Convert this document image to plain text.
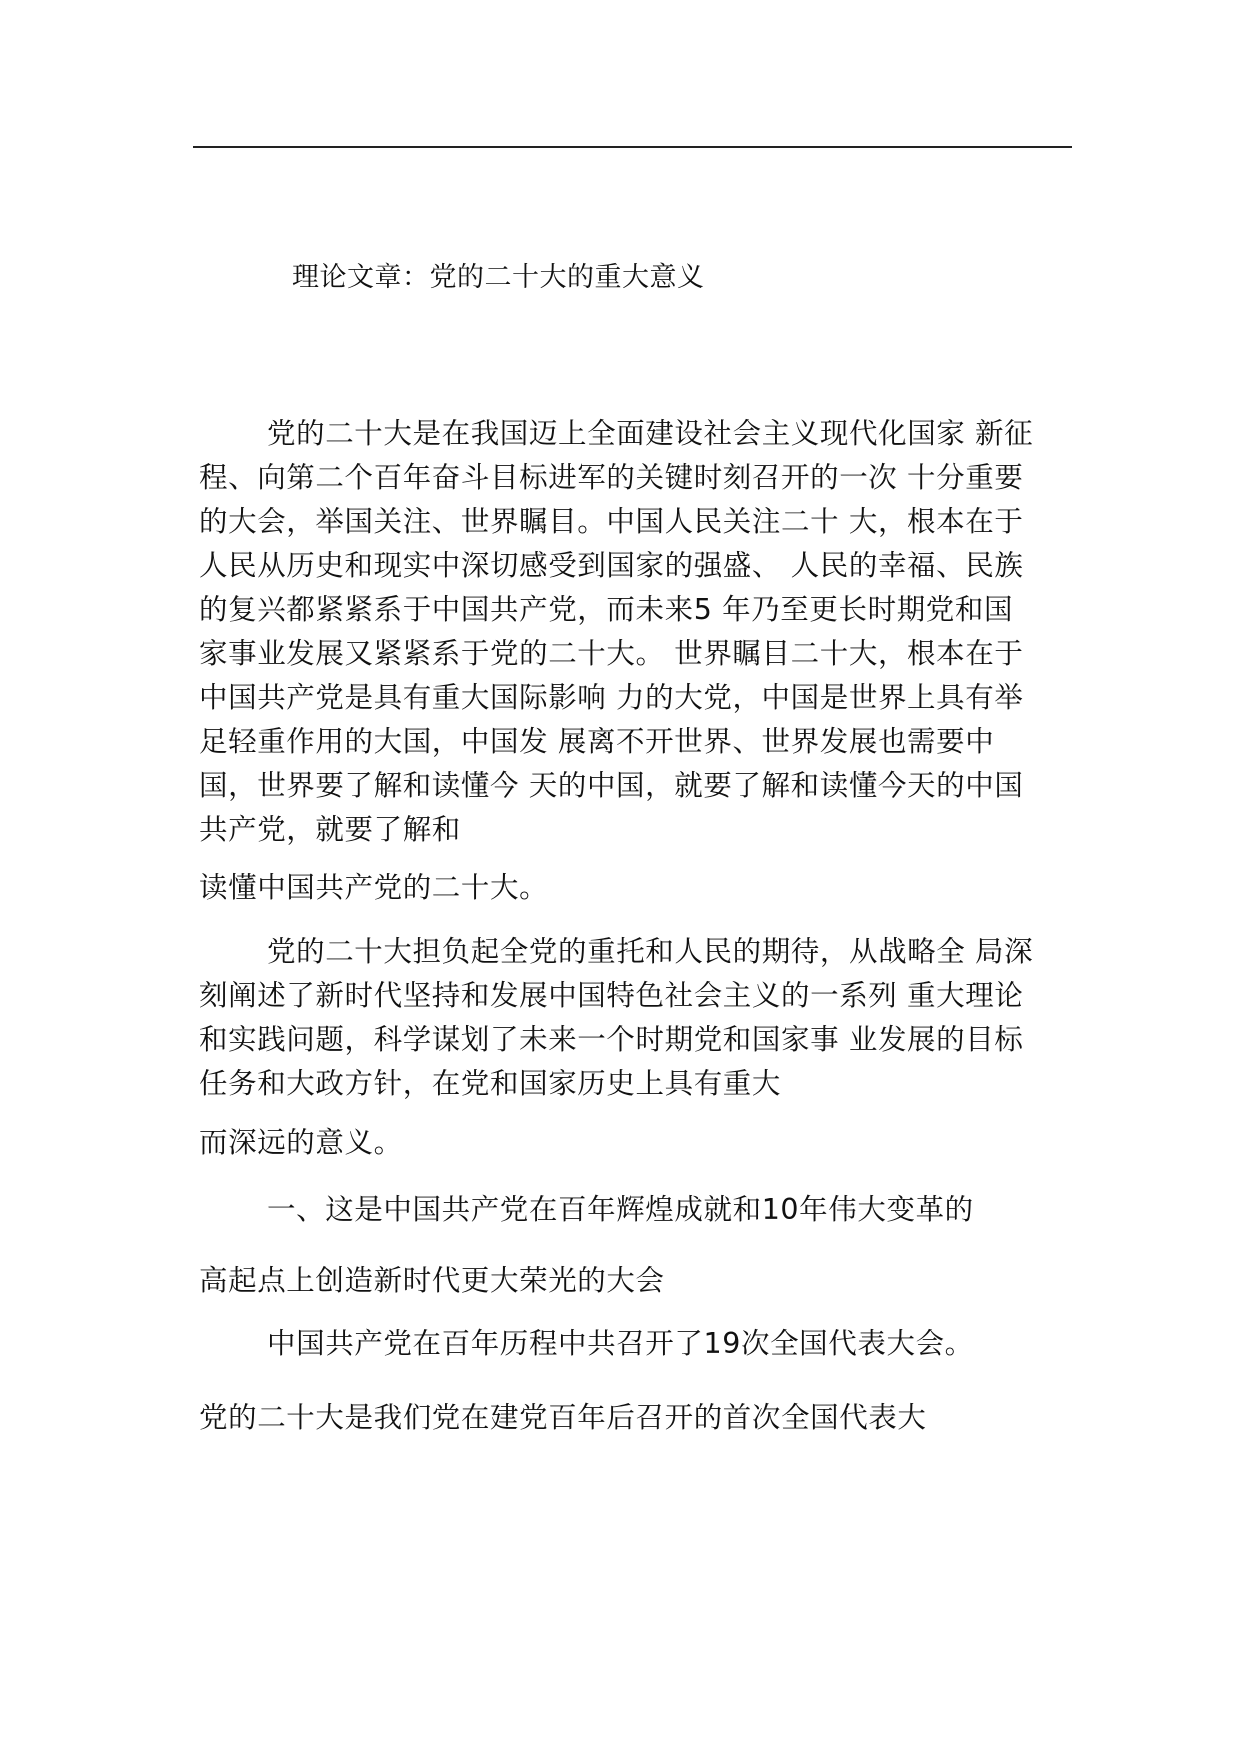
理论文章：党的二十大的重大意义
党的二十大是在我国迈上全面建设社会主义现代化国家 新征
程、向第二个百年奋斗目标进军的关键时刻召开的一次 十分重要
的大会，举国关注、世界瞩目。中国人民关注二十 大，根本在于
人民从历史和现实中深切感受到国家的强盛、 人民的幸福、民族
的复兴都紧紧系于中国共产党，而未来5 年乃至更长时期党和国
家事业发展又紧紧系于党的二十大。 世界瞩目二十大，根本在于
中国共产党是具有重大国际影响 力的大党，中国是世界上具有举
足轻重作用的大国，中国发 展离不开世界、世界发展也需要中
国，世界要了解和读懂今 天的中国，就要了解和读懂今天的中国
共产党，就要了解和
读懂中国共产党的二十大。
党的二十大担负起全党的重托和人民的期待，从战略全 局深
刻阐述了新时代坚持和发展中国特色社会主义的一系列 重大理论
和实践问题，科学谋划了未来一个时期党和国家事 业发展的目标
任务和大政方针，在党和国家历史上具有重大
而深远的意义。
一、这是中国共产党在百年辉煌成就和10年伟大变革的
高起点上创造新时代更大荣光的大会
中国共产党在百年历程中共召开了19次全国代表大会。
党的二十大是我们党在建党百年后召开的首次全国代表大
